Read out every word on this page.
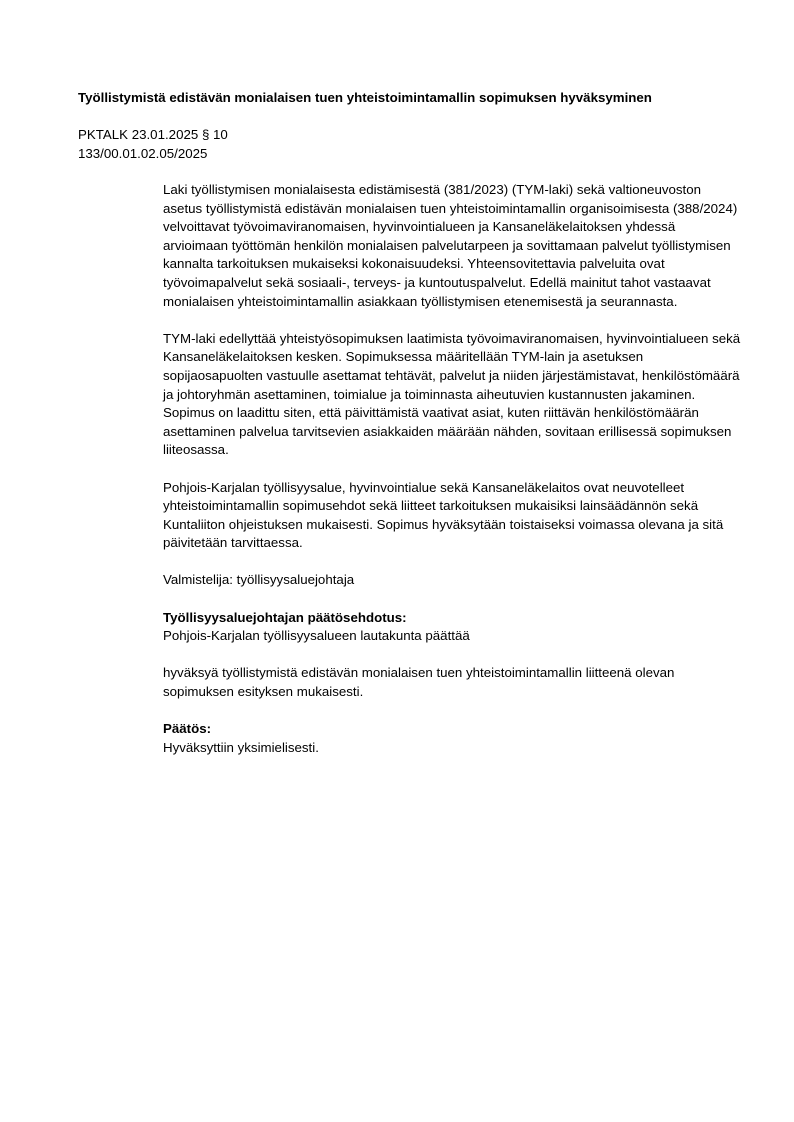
Työllistymistä edistävän monialaisen tuen yhteistoimintamallin sopimuksen hyväksyminen
PKTALK 23.01.2025 § 10
133/00.01.02.05/2025

Laki työllistymisen monialaisesta edistämisestä (381/2023) (TYM-laki) sekä valtioneuvoston asetus työllistymistä edistävän monialaisen tuen yhteistoimintamallin organisoimisesta (388/2024) velvoittavat työvoimaviranomaisen, hyvinvointialueen ja Kansaneläkelaitoksen yhdessä arvioimaan työttömän henkilön monialaisen palvelutarpeen ja sovittamaan palvelut työllistymisen kannalta tarkoituksen mukaiseksi kokonaisuudeksi. Yhteensovitettavia palveluita ovat työvoimapalvelut sekä sosiaali-, terveys- ja kuntoutuspalvelut. Edellä mainitut tahot vastaavat monialaisen yhteistoimintamallin asiakkaan työllistymisen etenemisestä ja seurannasta.

TYM-laki edellyttää yhteistyösopimuksen laatimista työvoimaviranomaisen, hyvinvointialueen sekä Kansaneläkelaitoksen kesken. Sopimuksessa määritellään TYM-lain ja asetuksen sopijaosapuolten vastuulle asettamat tehtävät, palvelut ja niiden järjestämistavat, henkilöstömäärä ja johtoryhmän asettaminen, toimialue ja toiminnasta aiheutuvien kustannusten jakaminen. Sopimus on laadittu siten, että päivittämistä vaativat asiat, kuten riittävän henkilöstömäärän asettaminen palvelua tarvitsevien asiakkaiden määrään nähden, sovitaan erillisessä sopimuksen liiteosassa.

Pohjois-Karjalan työllisyysalue, hyvinvointialue sekä Kansaneläkelaitos ovat neuvotelleet yhteistoimintamallin sopimusehdot sekä liitteet tarkoituksen mukaisiksi lainsäädännön sekä Kuntaliiton ohjeistuksen mukaisesti. Sopimus hyväksytään toistaiseksi voimassa olevana ja sitä päivitetään tarvittaessa.

Valmistelija: työllisyysaluejohtaja

Työllisyysaluejohtajan päätösehdotus:
Pohjois-Karjalan työllisyysalueen lautakunta päättää

hyväksyä työllistymistä edistävän monialaisen tuen yhteistoimintamallin liitteenä olevan sopimuksen esityksen mukaisesti.

Päätös:
Hyväksyttiin yksimielisesti.
